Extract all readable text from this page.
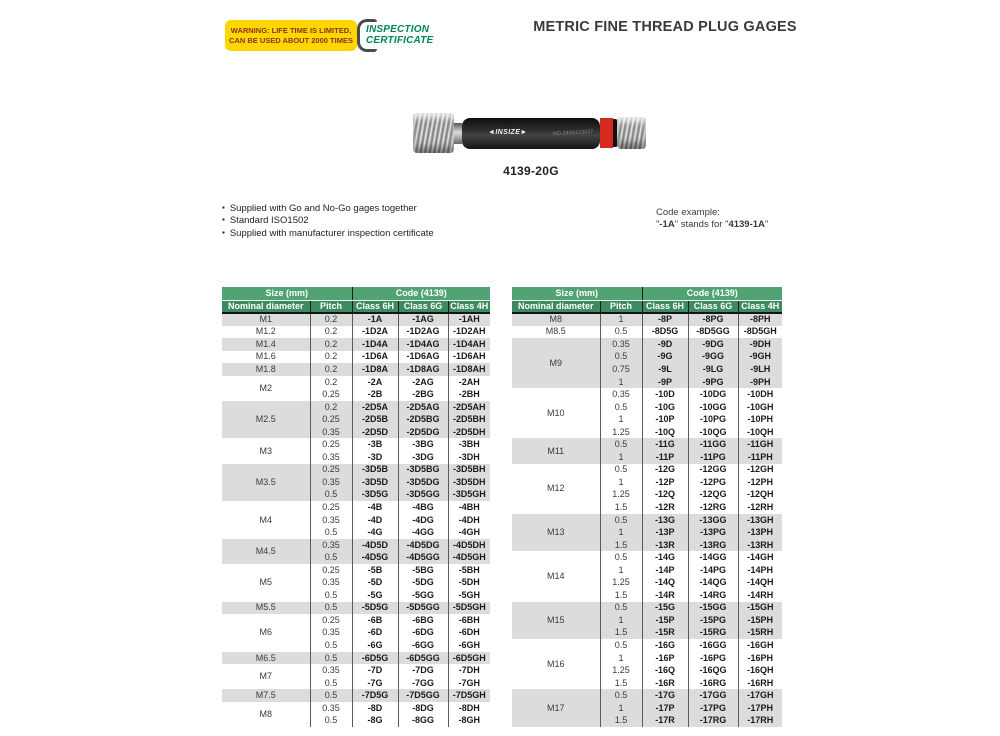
WARNING: LIFE TIME IS LIMITED,
CAN BE USED ABOUT 2000 TIMES
INSPECTION
CERTIFICATE
METRIC FINE THREAD PLUG GAGES
◄INSIZE►	NO.2409133027
4139-20G
▪ Supplied with Go and No-Go gages together
▪ Standard ISO1502
▪ Supplied with manufacturer inspection certificate
Code example:
"-1A" stands for "4139-1A"
Size (mm)		Code (4139)		
Nominal diameter	Pitch	Class 6H	Class 6G	Class 4H
M1	0.2	-1A	-1AG	-1AH
M1.2	0.2	-1D2A	-1D2AG	-1D2AH
M1.4	0.2	-1D4A	-1D4AG	-1D4AH
M1.6	0.2	-1D6A	-1D6AG	-1D6AH
M1.8	0.2	-1D8A	-1D8AG	-1D8AH
M2	0.2	-2A	-2AG	-2AH
	0.25	-2B	-2BG	-2BH
M2.5	0.2	-2D5A	-2D5AG	-2D5AH
	0.25	-2D5B	-2D5BG	-2D5BH
	0.35	-2D5D	-2D5DG	-2D5DH
M3	0.25	-3B	-3BG	-3BH
	0.35	-3D	-3DG	-3DH
M3.5	0.25	-3D5B	-3D5BG	-3D5BH
	0.35	-3D5D	-3D5DG	-3D5DH
	0.5	-3D5G	-3D5GG	-3D5GH
M4	0.25	-4B	-4BG	-4BH
	0.35	-4D	-4DG	-4DH
	0.5	-4G	-4GG	-4GH
M4.5	0.35	-4D5D	-4D5DG	-4D5DH
	0.5	-4D5G	-4D5GG	-4D5GH
M5	0.25	-5B	-5BG	-5BH
	0.35	-5D	-5DG	-5DH
	0.5	-5G	-5GG	-5GH
M5.5	0.5	-5D5G	-5D5GG	-5D5GH
M6	0.25	-6B	-6BG	-6BH
	0.35	-6D	-6DG	-6DH
	0.5	-6G	-6GG	-6GH
M6.5	0.5	-6D5G	-6D5GG	-6D5GH
M7	0.35	-7D	-7DG	-7DH
	0.5	-7G	-7GG	-7GH
M7.5	0.5	-7D5G	-7D5GG	-7D5GH
M8	0.35	-8D	-8DG	-8DH
	0.5	-8G	-8GG	-8GH
Size (mm)		Code (4139)		
Nominal diameter	Pitch	Class 6H	Class 6G	Class 4H
M8	1	-8P	-8PG	-8PH
M8.5	0.5	-8D5G	-8D5GG	-8D5GH
M9	0.35	-9D	-9DG	-9DH
	0.5	-9G	-9GG	-9GH
	0.75	-9L	-9LG	-9LH
	1	-9P	-9PG	-9PH
M10	0.35	-10D	-10DG	-10DH
	0.5	-10G	-10GG	-10GH
	1	-10P	-10PG	-10PH
	1.25	-10Q	-10QG	-10QH
M11	0.5	-11G	-11GG	-11GH
	1	-11P	-11PG	-11PH
M12	0.5	-12G	-12GG	-12GH
	1	-12P	-12PG	-12PH
	1.25	-12Q	-12QG	-12QH
	1.5	-12R	-12RG	-12RH
M13	0.5	-13G	-13GG	-13GH
	1	-13P	-13PG	-13PH
	1.5	-13R	-13RG	-13RH
M14	0.5	-14G	-14GG	-14GH
	1	-14P	-14PG	-14PH
	1.25	-14Q	-14QG	-14QH
	1.5	-14R	-14RG	-14RH
M15	0.5	-15G	-15GG	-15GH
	1	-15P	-15PG	-15PH
	1.5	-15R	-15RG	-15RH
M16	0.5	-16G	-16GG	-16GH
	1	-16P	-16PG	-16PH
	1.25	-16Q	-16QG	-16QH
	1.5	-16R	-16RG	-16RH
M17	0.5	-17G	-17GG	-17GH
	1	-17P	-17PG	-17PH
	1.5	-17R	-17RG	-17RH
